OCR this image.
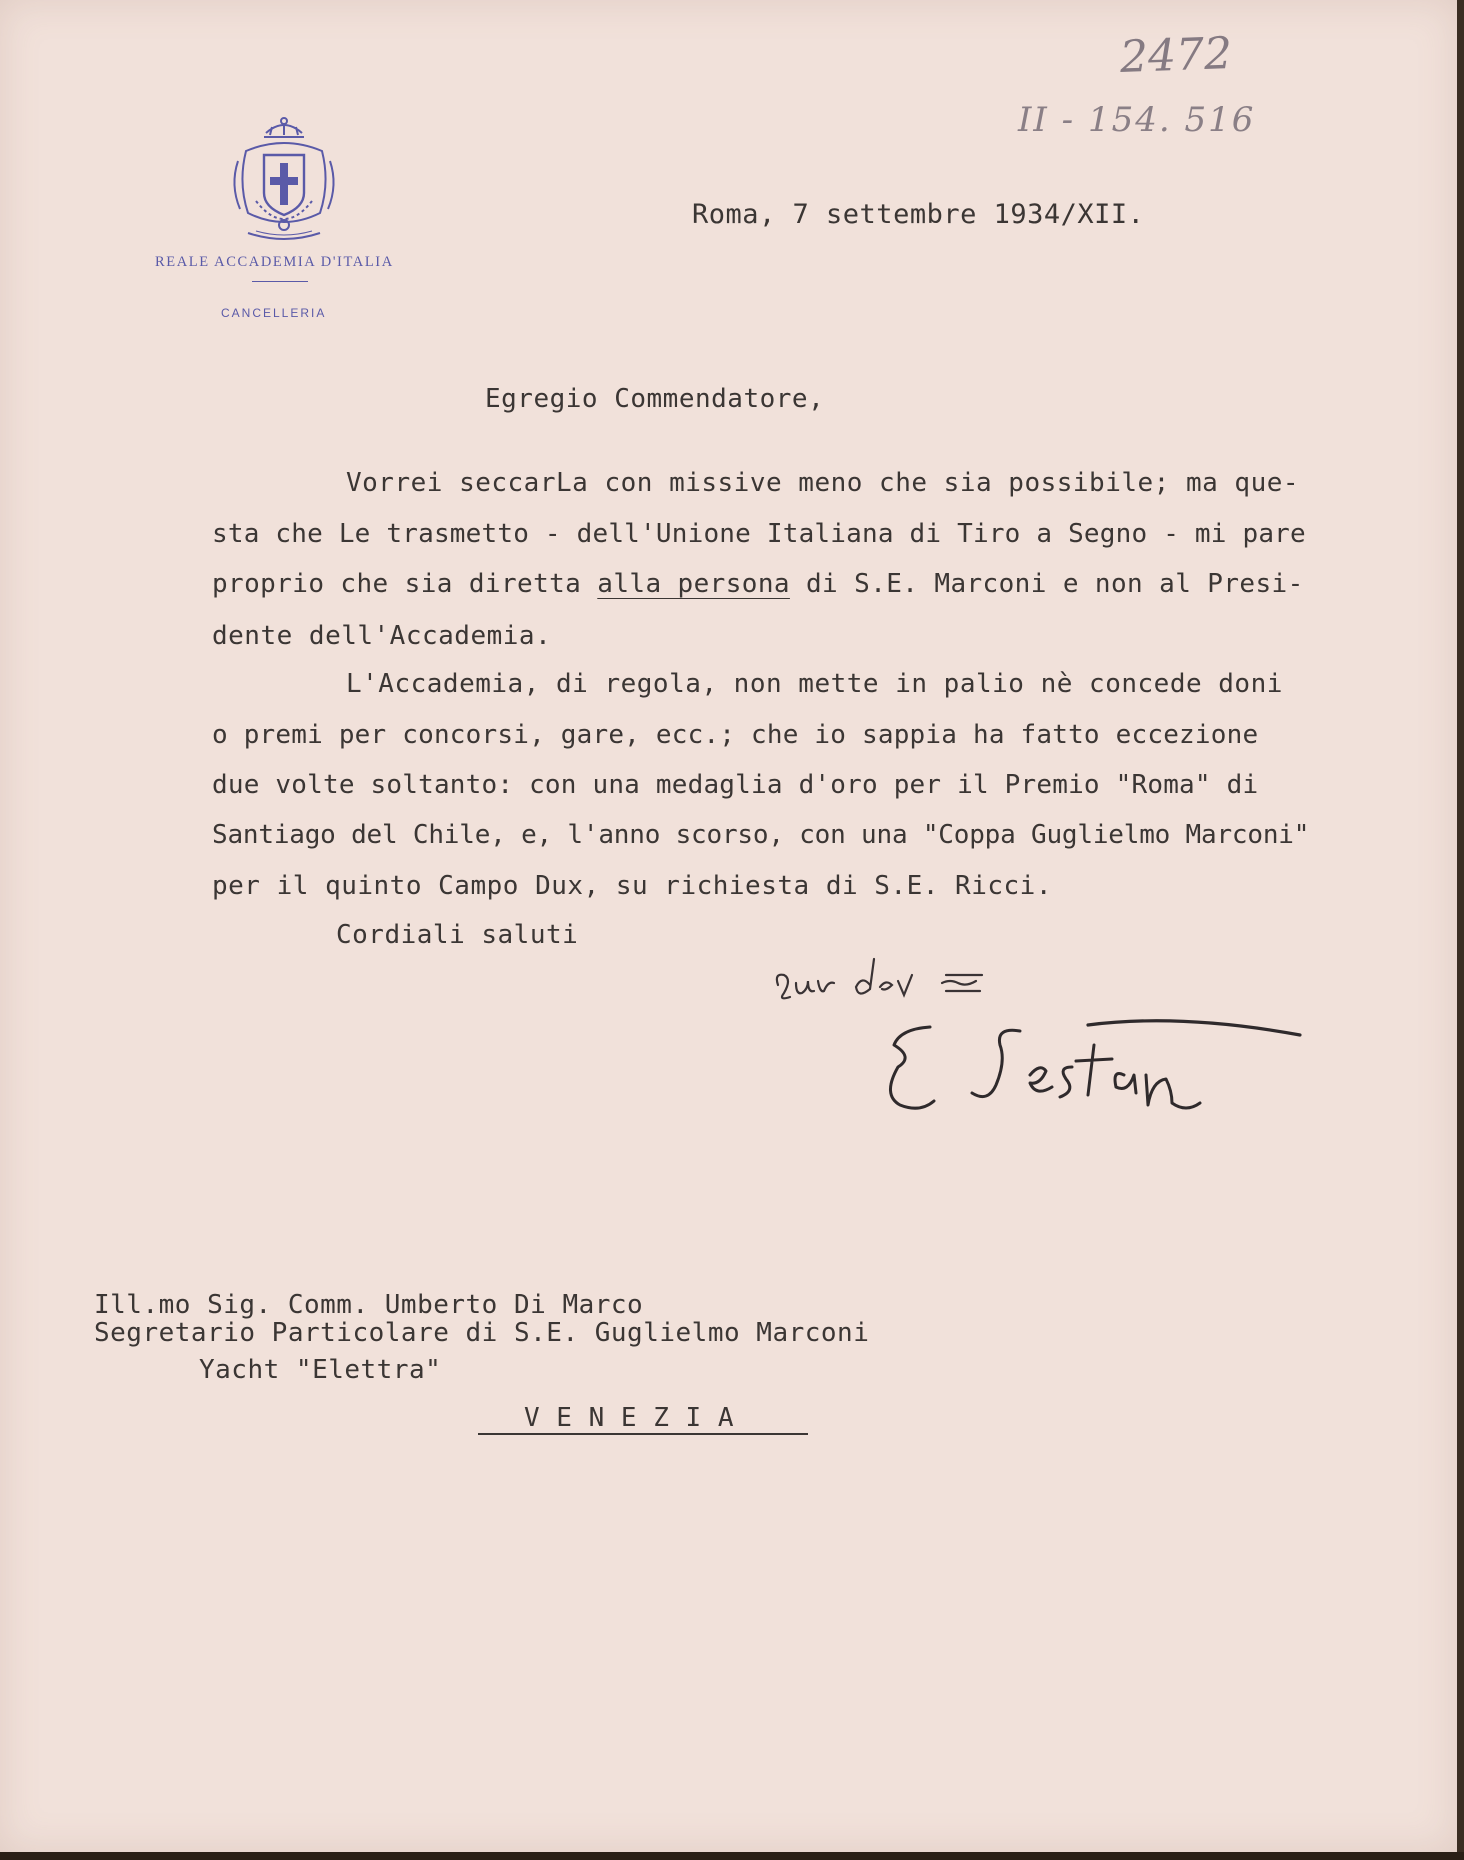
2472
II - 154. 516
REALE ACCADEMIA D'ITALIA
CANCELLERIA
Roma, 7 settembre 1934/XII.
Egregio Commendatore,
Vorrei seccarLa con missive meno che sia possibile; ma que-
sta che Le trasmetto - dell'Unione Italiana di Tiro a Segno - mi pare
proprio che sia diretta alla persona di S.E. Marconi e non al Presi-
dente dell'Accademia.
L'Accademia, di regola, non mette in palio nè concede doni
o premi per concorsi, gare, ecc.; che io sappia ha fatto eccezione
due volte soltanto: con una medaglia d'oro per il Premio "Roma" di
Santiago del Chile, e, l'anno scorso, con una "Coppa Guglielmo Marconi"
per il quinto Campo Dux, su richiesta di S.E. Ricci.
Cordiali saluti
Ill.mo Sig. Comm. Umberto Di Marco
Segretario Particolare di S.E. Guglielmo Marconi
Yacht "Elettra"
V E N E Z I A
